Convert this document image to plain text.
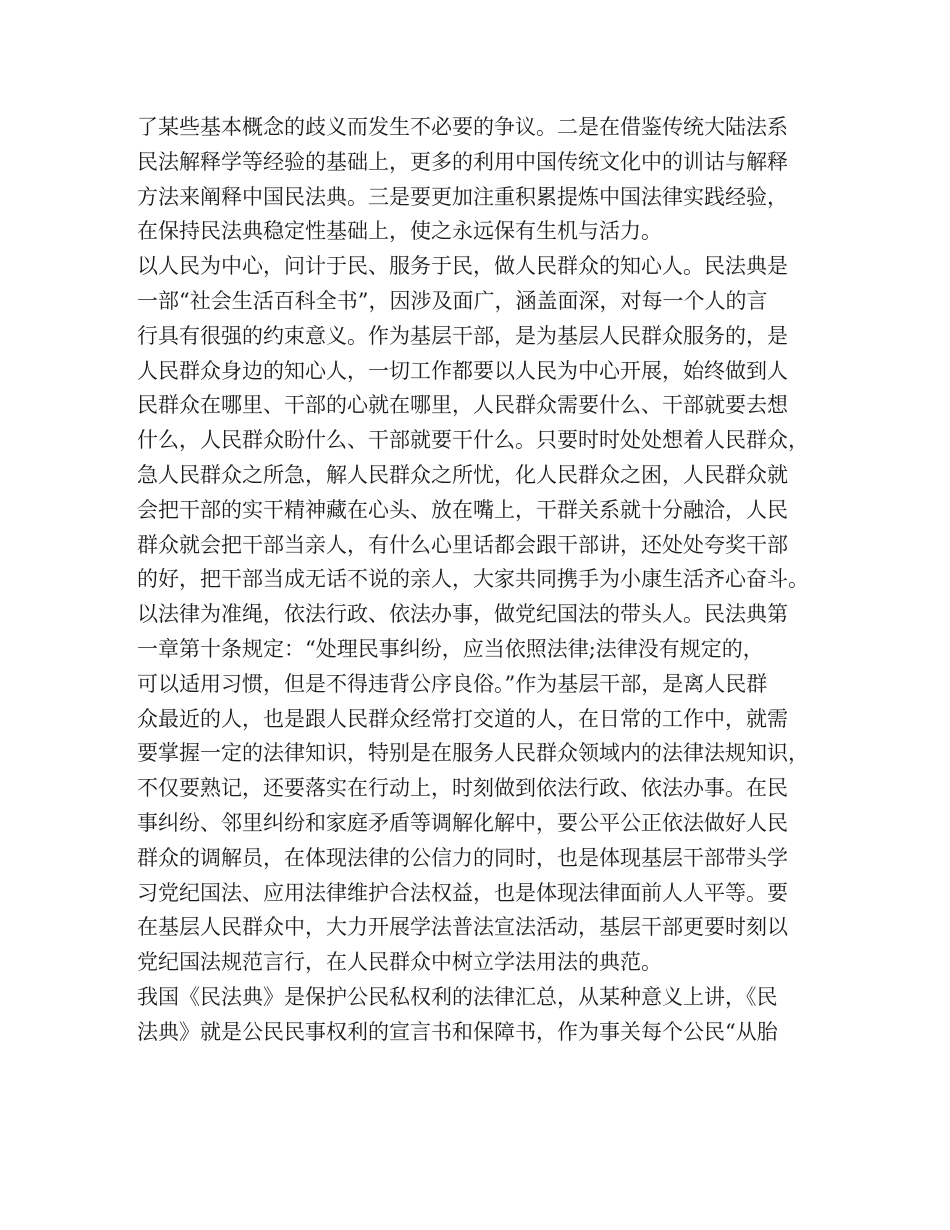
了某些基本概念的歧义而发生不必要的争议。二是在借鉴传统大陆法系
民法解释学等经验的基础上，更多的利用中国传统文化中的训诂与解释
方法来阐释中国民法典。三是要更加注重积累提炼中国法律实践经验，
在保持民法典稳定性基础上，使之永远保有生机与活力。
以人民为中心，问计于民、服务于民，做人民群众的知心人。民法典是
一部“社会生活百科全书”，因涉及面广，涵盖面深，对每一个人的言
行具有很强的约束意义。作为基层干部，是为基层人民群众服务的，是
人民群众身边的知心人，一切工作都要以人民为中心开展，始终做到人
民群众在哪里、干部的心就在哪里，人民群众需要什么、干部就要去想
什么，人民群众盼什么、干部就要干什么。只要时时处处想着人民群众，
急人民群众之所急，解人民群众之所忧，化人民群众之困，人民群众就
会把干部的实干精神藏在心头、放在嘴上，干群关系就十分融洽，人民
群众就会把干部当亲人，有什么心里话都会跟干部讲，还处处夸奖干部
的好，把干部当成无话不说的亲人，大家共同携手为小康生活齐心奋斗。
以法律为准绳，依法行政、依法办事，做党纪国法的带头人。民法典第
一章第十条规定：“处理民事纠纷，应当依照法律;法律没有规定的，
可以适用习惯，但是不得违背公序良俗。”作为基层干部，是离人民群
众最近的人，也是跟人民群众经常打交道的人，在日常的工作中，就需
要掌握一定的法律知识，特别是在服务人民群众领域内的法律法规知识，
不仅要熟记，还要落实在行动上，时刻做到依法行政、依法办事。在民
事纠纷、邻里纠纷和家庭矛盾等调解化解中，要公平公正依法做好人民
群众的调解员，在体现法律的公信力的同时，也是体现基层干部带头学
习党纪国法、应用法律维护合法权益，也是体现法律面前人人平等。要
在基层人民群众中，大力开展学法普法宣法活动，基层干部更要时刻以
党纪国法规范言行，在人民群众中树立学法用法的典范。
我国《民法典》是保护公民私权利的法律汇总，从某种意义上讲，《民
法典》就是公民民事权利的宣言书和保障书，作为事关每个公民“从胎
